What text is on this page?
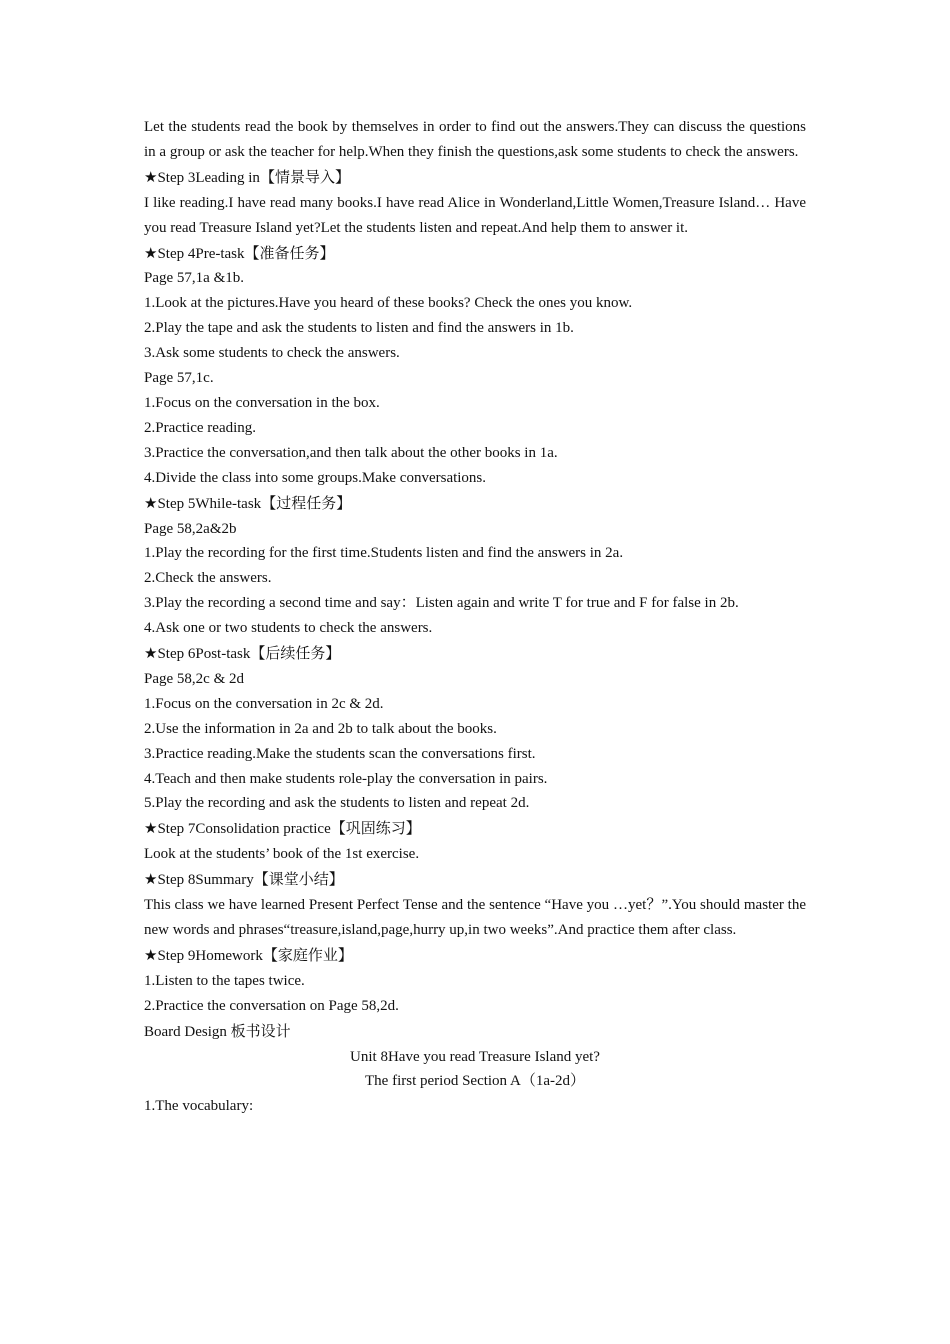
Let the students read the book by themselves in order to find out the answers.They can discuss the questions in a group or ask the teacher for help.When they finish the questions,ask some students to check the answers.
★Step 3Leading in【情景导入】
I like reading.I have read many books.I have read Alice in Wonderland,Little Women,Treasure Island… Have you read Treasure Island yet?Let the students listen and repeat.And help them to answer it.
★Step 4Pre-task【准备任务】
Page 57,1a &1b.
1.Look at the pictures.Have you heard of these books? Check the ones you know.
2.Play the tape and ask the students to listen and find the answers in 1b.
3.Ask some students to check the answers.
Page 57,1c.
1.Focus on the conversation in the box.
2.Practice reading.
3.Practice the conversation,and then talk about the other books in 1a.
4.Divide the class into some groups.Make conversations.
★Step 5While-task【过程任务】
Page 58,2a&2b
1.Play the recording for the first time.Students listen and find the answers in 2a.
2.Check the answers.
3.Play the recording a second time and say：Listen again and write T for true and F for false in 2b.
4.Ask one or two students to check the answers.
★Step 6Post-task【后续任务】
Page 58,2c & 2d
1.Focus on the conversation in 2c & 2d.
2.Use the information in 2a and 2b to talk about the books.
3.Practice reading.Make the students scan the conversations first.
4.Teach and then make students role-play the conversation in pairs.
5.Play the recording and ask the students to listen and repeat 2d.
★Step 7Consolidation practice【巩固练习】
Look at the students’ book of the 1st exercise.
★Step 8Summary【课堂小结】
This class we have learned Present Perfect Tense and the sentence “Have you …yet？”.You should master the new words and phrases“treasure,island,page,hurry up,in two weeks”.And practice them after class.
★Step 9Homework【家庭作业】
1.Listen to the tapes twice.
2.Practice the conversation on Page 58,2d.
Board Design 板书设计
Unit 8Have you read Treasure Island yet?
The first period Section A（1a-2d）
1.The vocabulary:
